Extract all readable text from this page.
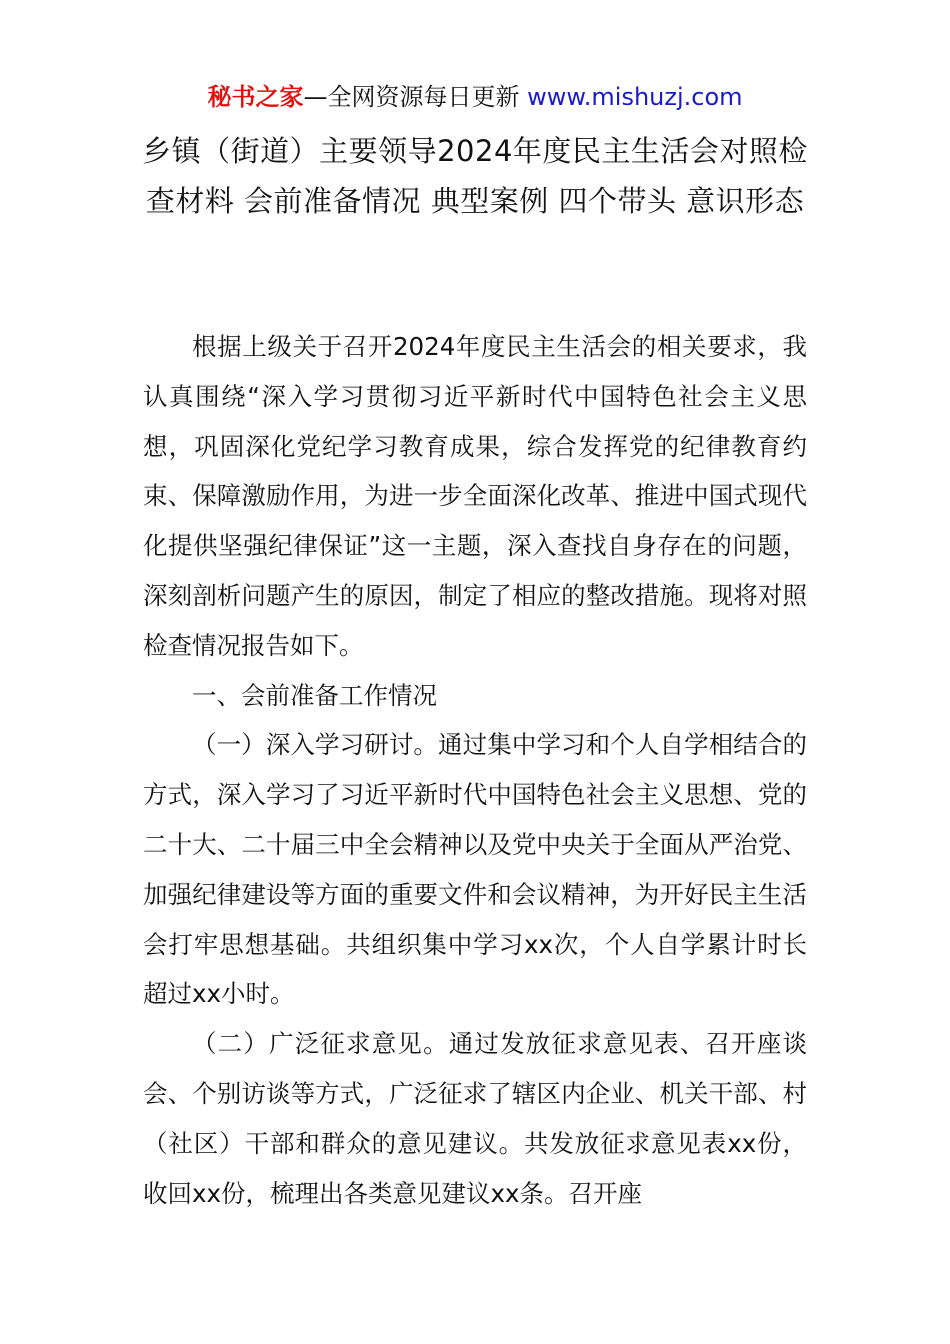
秘书之家—全网资源每日更新 www.mishuzj.com
乡镇（街道）主要领导2024年度民主生活会对照检查材料 会前准备情况 典型案例 四个带头 意识形态

根据上级关于召开2024年度民主生活会的相关要求，我认真围绕“深入学习贯彻习近平新时代中国特色社会主义思想，巩固深化党纪学习教育成果，综合发挥党的纪律教育约束、保障激励作用，为进一步全面深化改革、推进中国式现代化提供坚强纪律保证”这一主题，深入查找自身存在的问题，深刻剖析问题产生的原因，制定了相应的整改措施。现将对照检查情况报告如下。

一、会前准备工作情况

（一）深入学习研讨。通过集中学习和个人自学相结合的方式，深入学习了习近平新时代中国特色社会主义思想、党的二十大、二十届三中全会精神以及党中央关于全面从严治党、加强纪律建设等方面的重要文件和会议精神，为开好民主生活会打牢思想基础。共组织集中学习xx次，个人自学累计时长超过xx小时。

（二）广泛征求意见。通过发放征求意见表、召开座谈会、个别访谈等方式，广泛征求了辖区内企业、机关干部、村（社区）干部和群众的意见建议。共发放征求意见表xx份，收回xx份，梳理出各类意见建议xx条。召开座
